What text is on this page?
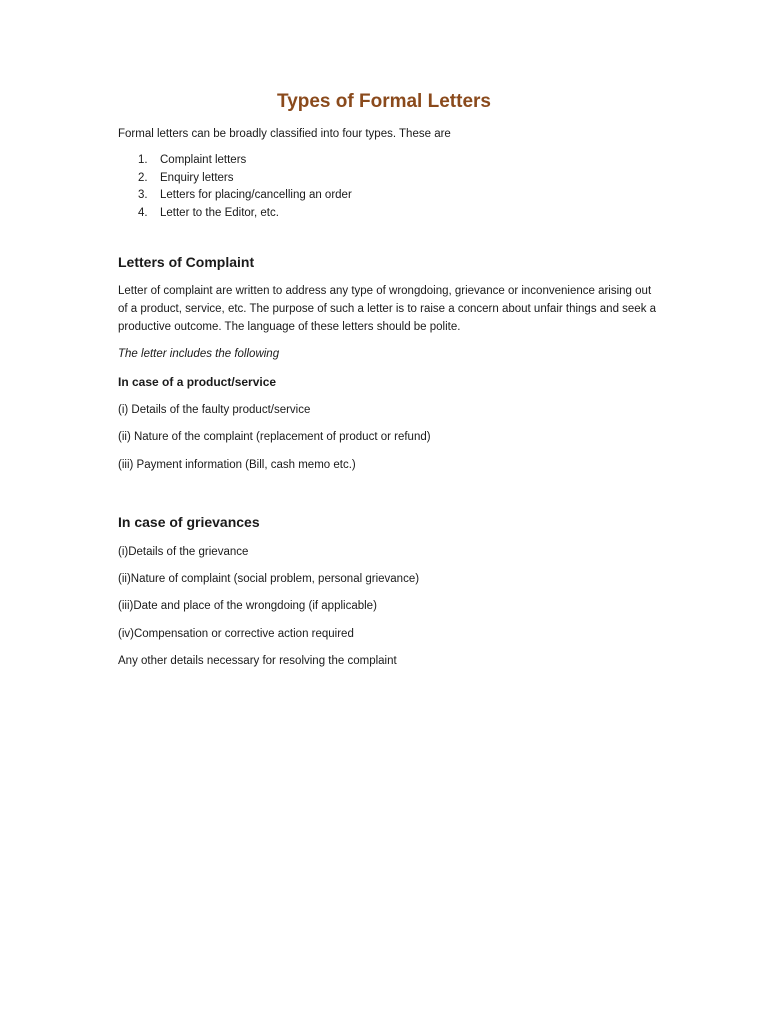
Types of Formal Letters

Formal letters can be broadly classified into four types. These are

1. Complaint letters
2. Enquiry letters
3. Letters for placing/cancelling an order
4. Letter to the Editor, etc.
Letters of Complaint

Letter of complaint are written to address any type of wrongdoing, grievance or inconvenience arising out of a product, service, etc. The purpose of such a letter is to raise a concern about unfair things and seek a productive outcome. The language of these letters should be polite.

The letter includes the following

In case of a product/service

(i) Details of the faulty product/service

(ii) Nature of the complaint (replacement of product or refund)

(iii) Payment information (Bill, cash memo etc.)

In case of grievances

(i)Details of the grievance

(ii)Nature of complaint (social problem, personal grievance)

(iii)Date and place of the wrongdoing (if applicable)

(iv)Compensation or corrective action required

Any other details necessary for resolving the complaint
